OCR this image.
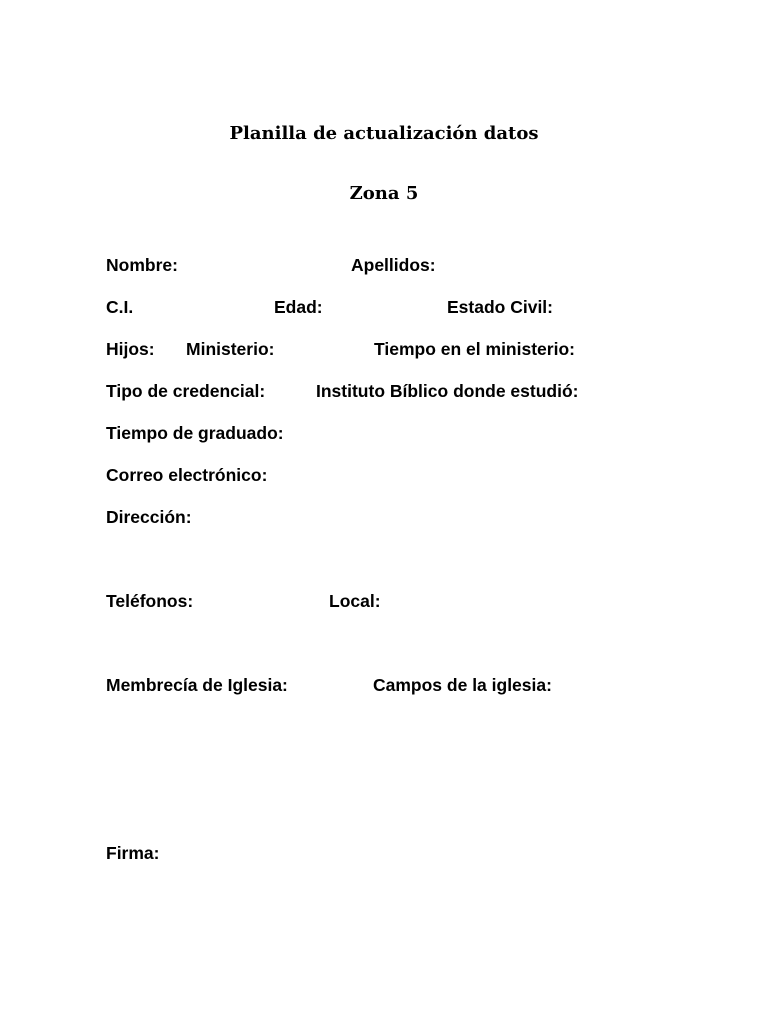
Planilla de actualización datos
Zona 5
Nombre:	Apellidos:
C.I.	Edad:	Estado Civil:
Hijos: Ministerio:	Tiempo en el ministerio:
Tipo de credencial:	Instituto Bíblico donde estudió:
Tiempo de graduado:
Correo electrónico:
Dirección:
Teléfonos:	Local:
Membrecía de Iglesia:	Campos de la iglesia:
Firma:
